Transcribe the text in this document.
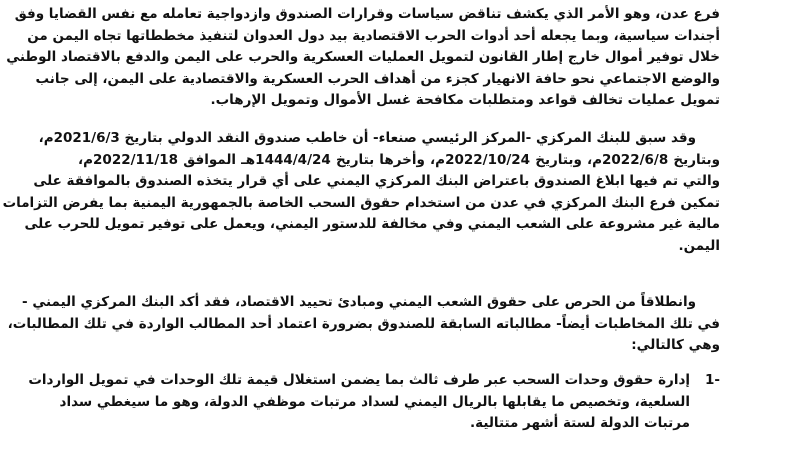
فرع عدن، وهو الأمر الذي يكشف تناقض سياسات وقرارات الصندوق وازدواجية تعامله مع نفس القضايا وفق
أجندات سياسية، وبما يجعله أحد أدوات الحرب الاقتصادية بيد دول العدوان لتنفيذ مخططاتها تجاه اليمن من
خلال توفير أموال خارج إطار القانون لتمويل العمليات العسكرية والحرب على اليمن والدفع بالاقتصاد الوطني
والوضع الاجتماعي نحو حافة الانهيار كجزء من أهداف الحرب العسكرية والاقتصادية على اليمن، إلى جانب
تمويل عمليات تخالف قواعد ومتطلبات مكافحة غسل الأموال وتمويل الإرهاب.
وقد سبق للبنك المركزي -المركز الرئيسي صنعاء- أن خاطب صندوق النقد الدولي بتاريخ 2021/6/3م،
وبتاريخ 2022/6/8م، وبتاريخ 2022/10/24م، وأخرها بتاريخ 1444/4/24هـ الموافق 2022/11/18م،
والتي تم فيها ابلاغ الصندوق باعتراض البنك المركزي اليمني على أي قرار يتخذه الصندوق بالموافقة على
تمكين فرع البنك المركزي في عدن من استخدام حقوق السحب الخاصة بالجمهورية اليمنية بما يفرض التزامات
مالية غير مشروعة على الشعب اليمني وفي مخالفة للدستور اليمني، ويعمل على توفير تمويل للحرب على
اليمن.
وانطلاقاً من الحرص على حقوق الشعب اليمني ومبادئ تحييد الاقتصاد، فقد أكد البنك المركزي اليمني -
في تلك المخاطبات أيضاً- مطالباته السابقة للصندوق بضرورة اعتماد أحد المطالب الواردة في تلك المطالبات،
وهي كالتالي:
1-
إدارة حقوق وحدات السحب عبر طرف ثالث بما يضمن استغلال قيمة تلك الوحدات في تمويل الواردات
السلعية، وتخصيص ما يقابلها بالريال اليمني لسداد مرتبات موظفي الدولة، وهو ما سيغطي سداد
مرتبات الدولة لستة أشهر متتالية.
